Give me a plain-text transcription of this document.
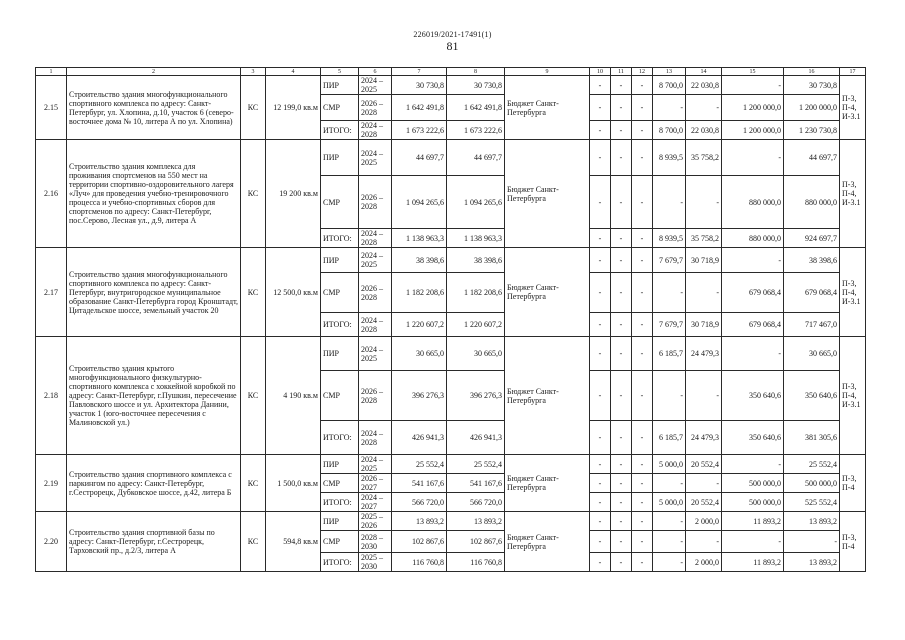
226019/2021-17491(1)
81
1	2	3	4	5	6	7	8	9	10	11	12	13	14	15	16	17
2.15	Строительство здания многофункционального спортивного комплекса по адресу: Санкт-Петербург, ул. Хлопина, д.10, участок 6 (северо-восточнее дома № 10, литера А по ул. Хлопина)	КС	12 199,0 кв.м	ПИР	2024 – 2025	30 730,8	30 730,8	Бюджет Санкт-Петербурга	-	-	-	8 700,0	22 030,8	-	30 730,8	П-3, П-4, И-3.1
				СМР	2026 – 2028	1 642 491,8	1 642 491,8		-	-	-	-	-	1 200 000,0	1 200 000,0	
				ИТОГО:	2024 – 2028	1 673 222,6	1 673 222,6		-	-	-	8 700,0	22 030,8	1 200 000,0	1 230 730,8	
2.16	Строительство здания комплекса для проживания спортсменов на 550 мест на территории спортивно-оздоровительного лагеря «Луч» для проведения учебно-тренировочного процесса и учебно-спортивных сборов для спортсменов по адресу: Санкт-Петербург, пос.Серово, Лесная ул., д.9, литера А	КС	19 200 кв.м	ПИР	2024 – 2025	44 697,7	44 697,7	Бюджет Санкт-Петербурга	-	-	-	8 939,5	35 758,2	-	44 697,7	П-3, П-4, И-3.1
				СМР	2026 – 2028	1 094 265,6	1 094 265,6		-	-	-	-	-	880 000,0	880 000,0	
				ИТОГО:	2024 – 2028	1 138 963,3	1 138 963,3		-	-	-	8 939,5	35 758,2	880 000,0	924 697,7	
2.17	Строительство здания многофункционального спортивного комплекса по адресу: Санкт-Петербург, внутригородское муниципальное образование Санкт-Петербурга город Кронштадт, Цитадельское шоссе, земельный участок 20	КС	12 500,0 кв.м	ПИР	2024 – 2025	38 398,6	38 398,6	Бюджет Санкт-Петербурга	-	-	-	7 679,7	30 718,9	-	38 398,6	П-3, П-4, И-3.1
				СМР	2026 – 2028	1 182 208,6	1 182 208,6		-	-	-	-	-	679 068,4	679 068,4	
				ИТОГО:	2024 – 2028	1 220 607,2	1 220 607,2		-	-	-	7 679,7	30 718,9	679 068,4	717 467,0	
2.18	Строительство здания крытого многофункционального физкультурно-спортивного комплекса с хоккейной коробкой по адресу: Санкт-Петербург, г.Пушкин, пересечение Павловского шоссе и ул. Архитектора Данини, участок 1 (юго-восточнее пересечения с Малиновской ул.)	КС	4 190 кв.м	ПИР	2024 – 2025	30 665,0	30 665,0	Бюджет Санкт-Петербурга	-	-	-	6 185,7	24 479,3	-	30 665,0	П-3, П-4, И-3.1
				СМР	2026 – 2028	396 276,3	396 276,3		-	-	-	-	-	350 640,6	350 640,6	
				ИТОГО:	2024 – 2028	426 941,3	426 941,3		-	-	-	6 185,7	24 479,3	350 640,6	381 305,6	
2.19	Строительство здания спортивного комплекса с паркингом по адресу: Санкт-Петербург, г.Сестрорецк, Дубковское шоссе, д.42, литера Б	КС	1 500,0 кв.м	ПИР	2024 – 2025	25 552,4	25 552,4	Бюджет Санкт-Петербурга	-	-	-	5 000,0	20 552,4	-	25 552,4	П-3, П-4
				СМР	2026 – 2027	541 167,6	541 167,6		-	-	-	-	-	500 000,0	500 000,0	
				ИТОГО:	2024 – 2027	566 720,0	566 720,0		-	-	-	5 000,0	20 552,4	500 000,0	525 552,4	
2.20	Строительство здания спортивной базы по адресу: Санкт-Петербург, г.Сестрорецк, Тарховский пр., д.2/3, литера А	КС	594,8 кв.м	ПИР	2025 – 2026	13 893,2	13 893,2	Бюджет Санкт-Петербурга	-	-	-	-	2 000,0	11 893,2	13 893,2	П-3, П-4
				СМР	2028 – 2030	102 867,6	102 867,6		-	-	-	-	-	-	-	
				ИТОГО:	2025 – 2030	116 760,8	116 760,8		-	-	-	-	2 000,0	11 893,2	13 893,2	
